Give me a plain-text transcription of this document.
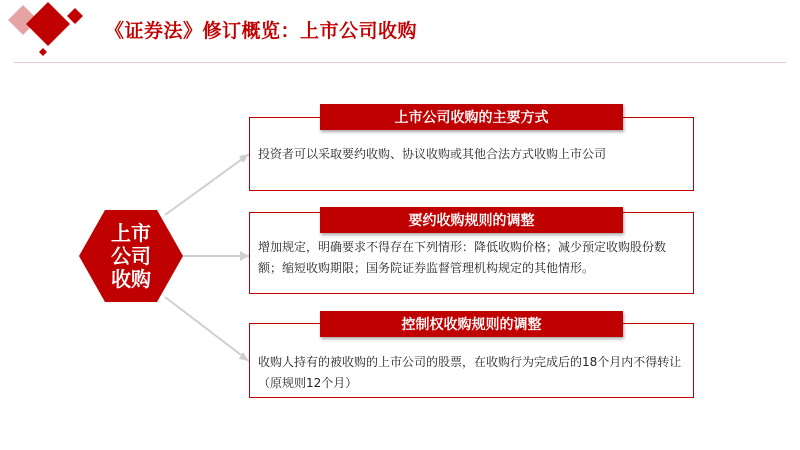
《证券法》修订概览：上市公司收购
上市公司收购
投资者可以采取要约收购、协议收购或其他合法方式收购上市公司
上市公司收购的主要方式
增加规定，明确要求不得存在下列情形：降低收购价格；减少预定收购股份数额；缩短收购期限；国务院证券监督管理机构规定的其他情形。
要约收购规则的调整
收购人持有的被收购的上市公司的股票，在收购行为完成后的18个月内不得转让（原规则12个月）
控制权收购规则的调整
